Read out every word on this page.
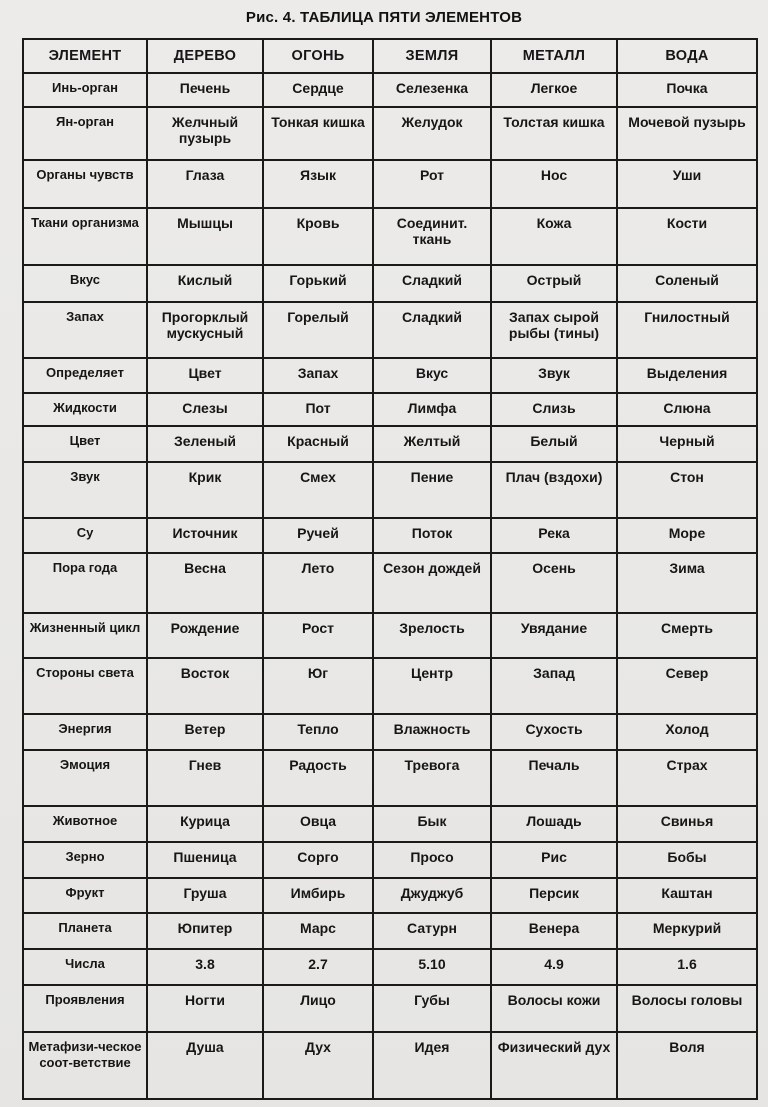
Рис. 4. ТАБЛИЦА ПЯТИ ЭЛЕМЕНТОВ
ЭЛЕМЕНТ	ДЕРЕВО	ОГОНЬ	ЗЕМЛЯ	МЕТАЛЛ	ВОДА
Инь-орган	Печень	Сердце	Селезенка	Легкое	Почка
Ян-орган	Желчный пузырь	Тонкая кишка	Желудок	Толстая кишка	Мочевой пузырь
Органы чувств	Глаза	Язык	Рот	Нос	Уши
Ткани организма	Мышцы	Кровь	Соединит. ткань	Кожа	Кости
Вкус	Кислый	Горький	Сладкий	Острый	Соленый
Запах	Прогорклый мускусный	Горелый	Сладкий	Запах сырой рыбы (тины)	Гнилостный
Определяет	Цвет	Запах	Вкус	Звук	Выделения
Жидкости	Слезы	Пот	Лимфа	Слизь	Слюна
Цвет	Зеленый	Красный	Желтый	Белый	Черный
Звук	Крик	Смех	Пение	Плач (вздохи)	Стон
Су	Источник	Ручей	Поток	Река	Море
Пора года	Весна	Лето	Сезон дождей	Осень	Зима
Жизненный цикл	Рождение	Рост	Зрелость	Увядание	Смерть
Стороны света	Восток	Юг	Центр	Запад	Север
Энергия	Ветер	Тепло	Влажность	Сухость	Холод
Эмоция	Гнев	Радость	Тревога	Печаль	Страх
Животное	Курица	Овца	Бык	Лошадь	Свинья
Зерно	Пшеница	Сорго	Просо	Рис	Бобы
Фрукт	Груша	Имбирь	Джуджуб	Персик	Каштан
Планета	Юпитер	Марс	Сатурн	Венера	Меркурий
Числа	3.8	2.7	5.10	4.9	1.6
Проявления	Ногти	Лицо	Губы	Волосы кожи	Волосы головы
Метафизи-ческое соот-ветствие	Душа	Дух	Идея	Физический дух	Воля
